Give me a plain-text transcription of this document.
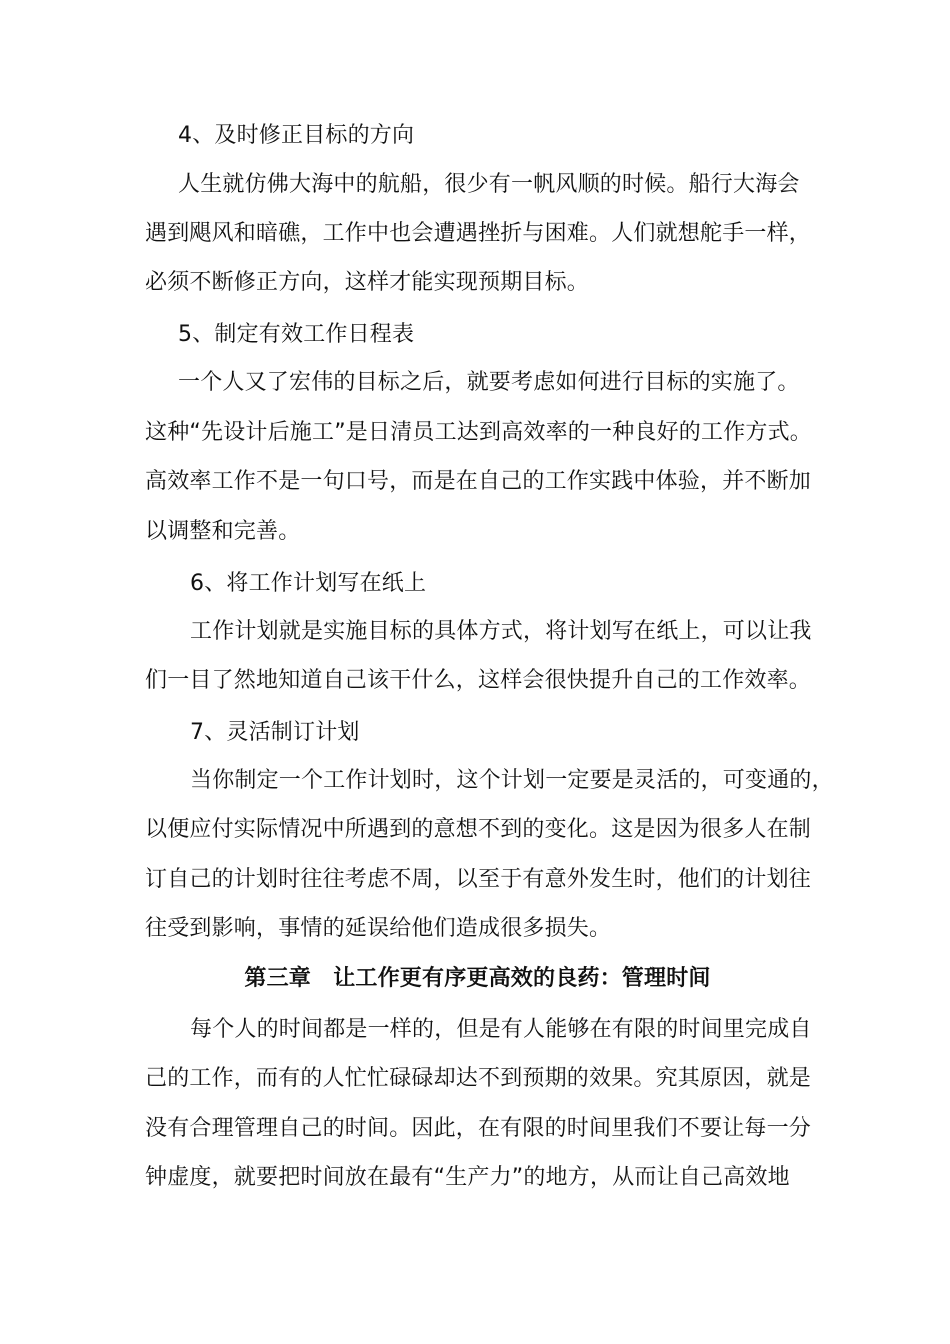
4、及时修正目标的方向
人生就仿佛大海中的航船，很少有一帆风顺的时候。船行大海会
遇到飓风和暗礁，工作中也会遭遇挫折与困难。人们就想舵手一样，
必须不断修正方向，这样才能实现预期目标。
5、制定有效工作日程表
一个人又了宏伟的目标之后，就要考虑如何进行目标的实施了。
这种“先设计后施工”是日清员工达到高效率的一种良好的工作方式。
高效率工作不是一句口号，而是在自己的工作实践中体验，并不断加
以调整和完善。
6、将工作计划写在纸上
工作计划就是实施目标的具体方式，将计划写在纸上，可以让我
们一目了然地知道自己该干什么，这样会很快提升自己的工作效率。
7、灵活制订计划
当你制定一个工作计划时，这个计划一定要是灵活的，可变通的，
以便应付实际情况中所遇到的意想不到的变化。这是因为很多人在制
订自己的计划时往往考虑不周，以至于有意外发生时，他们的计划往
往受到影响，事情的延误给他们造成很多损失。
第三章　让工作更有序更高效的良药：管理时间
每个人的时间都是一样的，但是有人能够在有限的时间里完成自
己的工作，而有的人忙忙碌碌却达不到预期的效果。究其原因，就是
没有合理管理自己的时间。因此，在有限的时间里我们不要让每一分
钟虚度，就要把时间放在最有“生产力”的地方，从而让自己高效地
